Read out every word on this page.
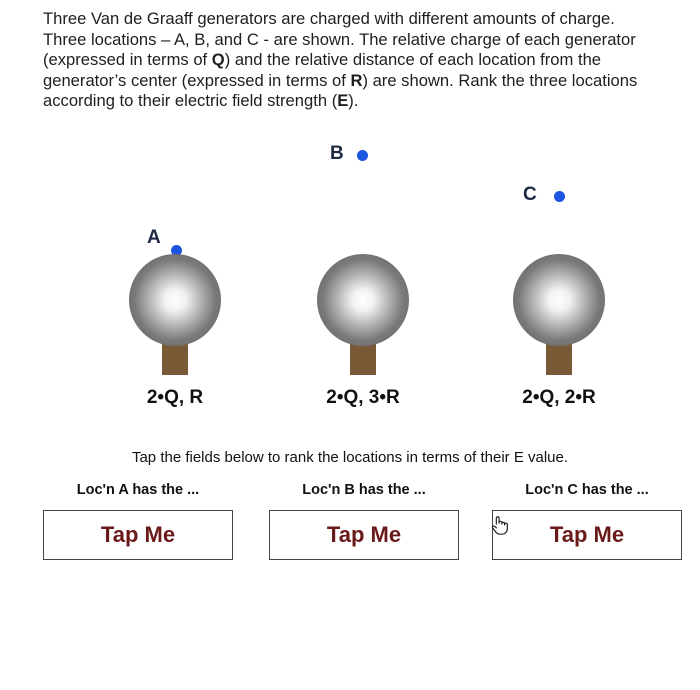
Three Van de Graaff generators are charged with different amounts of charge.
Three locations – A, B, and C - are shown. The relative charge of each generator
(expressed in terms of Q) and the relative distance of each location from the
generator’s center (expressed in terms of R) are shown. Rank the three locations
according to their electric field strength (E).
A
B
C
2•Q, R	2•Q, 3•R	2•Q, 2•R
Tap the fields below to rank the locations in terms of their E value.
Loc'n A has the ...	Loc'n B has the ...	Loc'n C has the ...
Tap Me	Tap Me	Tap Me
